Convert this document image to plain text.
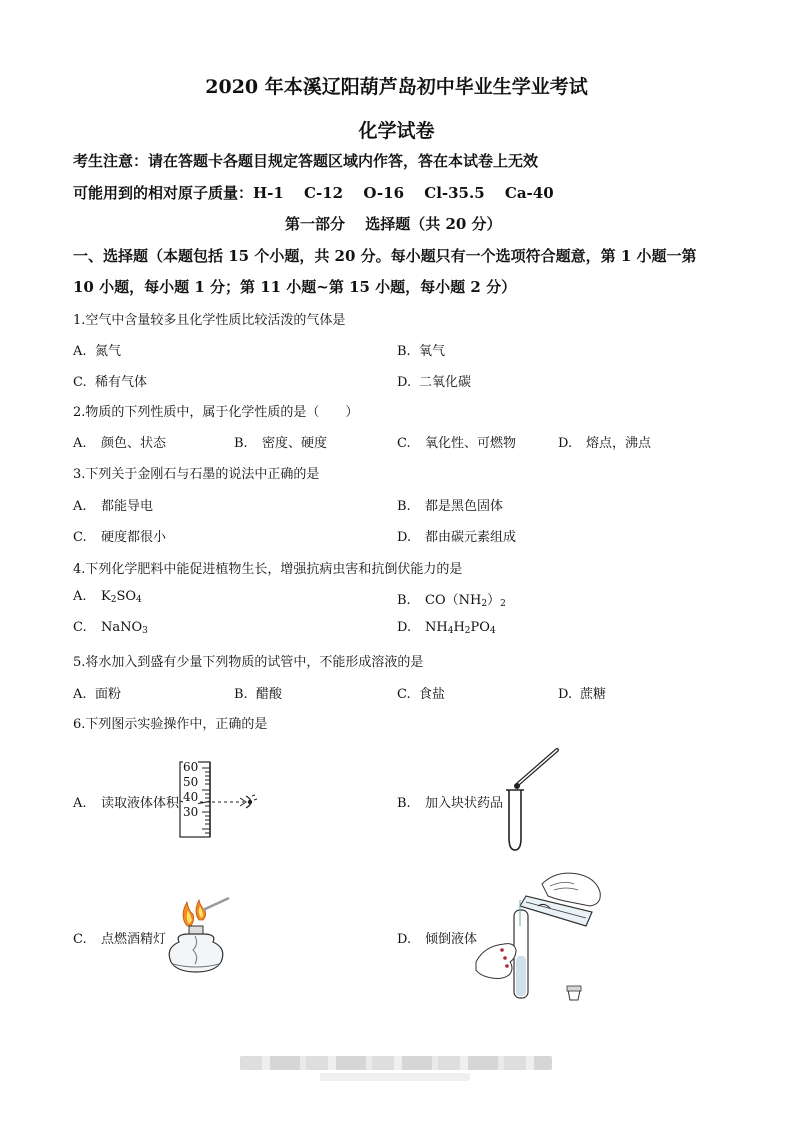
2020 年本溪辽阳葫芦岛初中毕业生学业考试
化学试卷
考生注意：请在答题卡各题目规定答题区域内作答，答在本试卷上无效
可能用到的相对原子质量：H-1　 C-12　 O-16　 Cl-35.5　 Ca-40
第一部分　 选择题（共 20 分）
一、选择题（本题包括 15 个小题，共 20 分。每小题只有一个选项符合题意，第 1 小题一第
10 小题，每小题 1 分；第 11 小题~第 15 小题，每小题 2 分）
1.空气中含量较多且化学性质比较活泼的气体是
A. 氮气	B. 氧气
C. 稀有气体	D. 二氧化碳
2.物质的下列性质中，属于化学性质的是（　　）
A. 颜色、状态	B. 密度、硬度	C. 氧化性、可燃物	D. 熔点，沸点
3.下列关于金刚石与石墨的说法中正确的是
A. 都能导电	B. 都是黑色固体
C. 硬度都很小	D. 都由碳元素组成
4.下列化学肥料中能促进植物生长，增强抗病虫害和抗倒伏能力的是
A. $K_2SO_4$	B. $CO(NH_2)_2$
C. NaNO$_3$	D. $NH_4H_2PO_4$
5.将水加入到盛有少量下列物质的试管中，不能形成溶液的是
A. 面粉	B. 醋酸	C. 食盐	D. 蔗糖
6.下列图示实验操作中，正确的是
A. 读取液体体积
60
50
40
30
B. 加入块状药品
C. 点燃酒精灯	D. 倾倒液体
